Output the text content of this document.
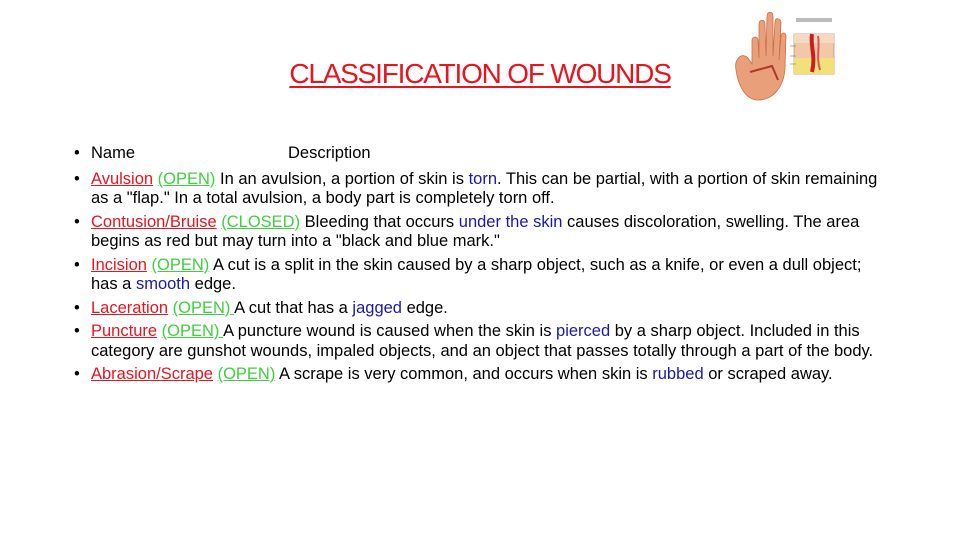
CLASSIFICATION OF WOUNDS
• Name	Description
• Avulsion (OPEN) In an avulsion, a portion of skin is torn. This can be partial, with a portion of skin remaining as a "flap." In a total avulsion, a body part is completely torn off.
• Contusion/Bruise (CLOSED) Bleeding that occurs under the skin causes discoloration, swelling. The area begins as red but may turn into a "black and blue mark."
• Incision (OPEN) A cut is a split in the skin caused by a sharp object, such as a knife, or even a dull object; has a smooth edge.
• Laceration (OPEN) A cut that has a jagged edge.
• Puncture (OPEN) A puncture wound is caused when the skin is pierced by a sharp object. Included in this category are gunshot wounds, impaled objects, and an object that passes totally through a part of the body.
• Abrasion/Scrape (OPEN) A scrape is very common, and occurs when skin is rubbed or scraped away.
